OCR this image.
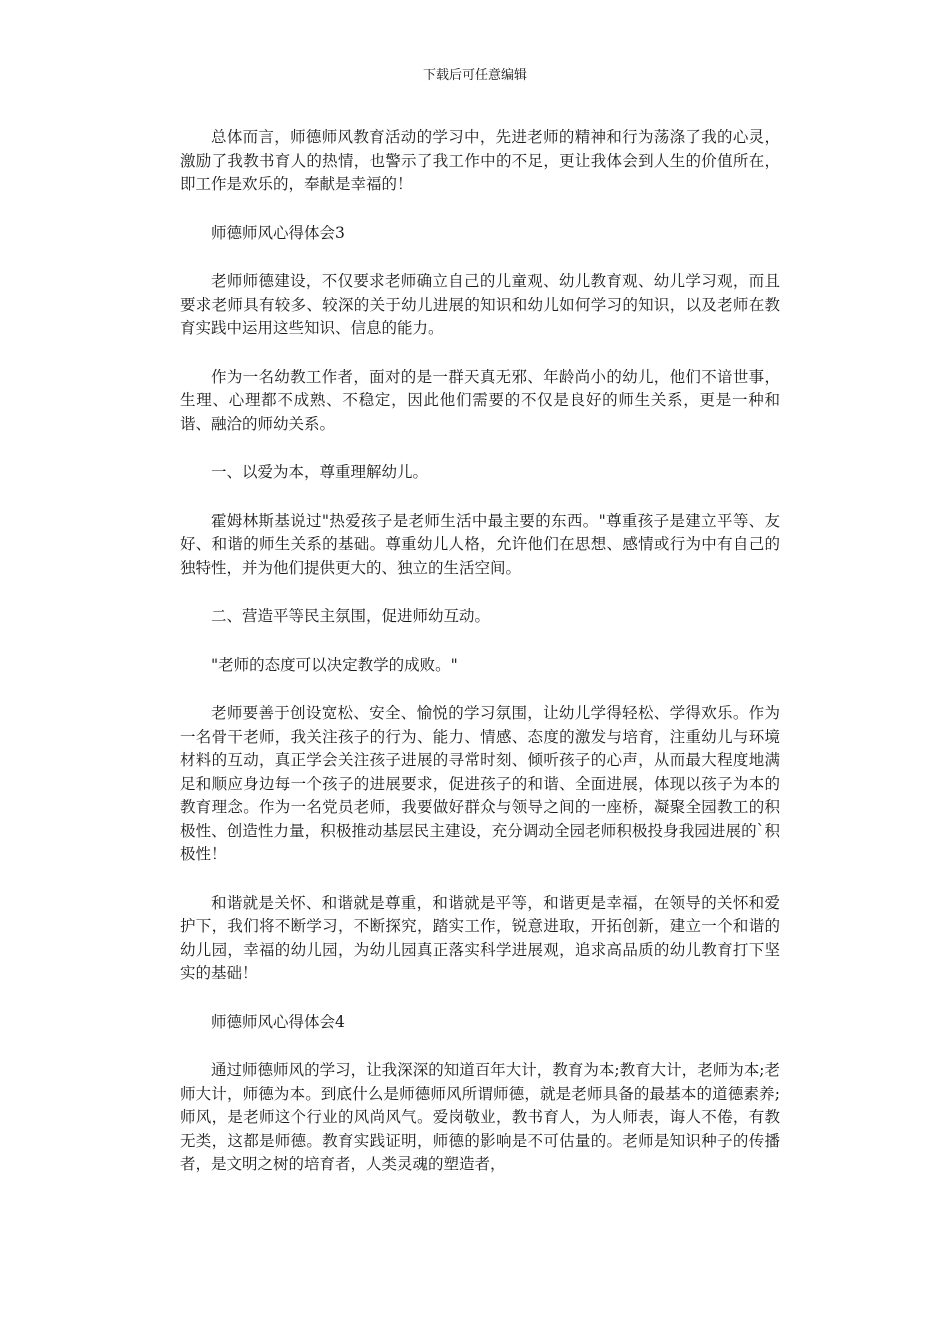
下载后可任意编辑

总体而言，师德师风教育活动的学习中，先进老师的精神和行为荡涤了我的心灵，激励了我教书育人的热情，也警示了我工作中的不足，更让我体会到人生的价值所在，即工作是欢乐的，奉献是幸福的！

师德师风心得体会3

老师师德建设，不仅要求老师确立自己的儿童观、幼儿教育观、幼儿学习观，而且要求老师具有较多、较深的关于幼儿进展的知识和幼儿如何学习的知识，以及老师在教育实践中运用这些知识、信息的能力。

作为一名幼教工作者，面对的是一群天真无邪、年龄尚小的幼儿，他们不谙世事，生理、心理都不成熟、不稳定，因此他们需要的不仅是良好的师生关系，更是一种和谐、融洽的师幼关系。

一、以爱为本，尊重理解幼儿。

霍姆林斯基说过"热爱孩子是老师生活中最主要的东西。"尊重孩子是建立平等、友好、和谐的师生关系的基础。尊重幼儿人格，允许他们在思想、感情或行为中有自己的独特性，并为他们提供更大的、独立的生活空间。

二、营造平等民主氛围，促进师幼互动。

"老师的态度可以决定教学的成败。"

老师要善于创设宽松、安全、愉悦的学习氛围，让幼儿学得轻松、学得欢乐。作为一名骨干老师，我关注孩子的行为、能力、情感、态度的激发与培育，注重幼儿与环境材料的互动，真正学会关注孩子进展的寻常时刻、倾听孩子的心声，从而最大程度地满足和顺应身边每一个孩子的进展要求，促进孩子的和谐、全面进展，体现以孩子为本的教育理念。作为一名党员老师，我要做好群众与领导之间的一座桥，凝聚全园教工的积极性、创造性力量，积极推动基层民主建设，充分调动全园老师积极投身我园进展的`积极性！

和谐就是关怀、和谐就是尊重，和谐就是平等，和谐更是幸福，在领导的关怀和爱护下，我们将不断学习，不断探究，踏实工作，锐意进取，开拓创新，建立一个和谐的幼儿园，幸福的幼儿园，为幼儿园真正落实科学进展观，追求高品质的幼儿教育打下坚实的基础！

师德师风心得体会4

通过师德师风的学习，让我深深的知道百年大计，教育为本;教育大计，老师为本;老师大计，师德为本。到底什么是师德师风所谓师德，就是老师具备的最基本的道德素养;师风，是老师这个行业的风尚风气。爱岗敬业，教书育人，为人师表，诲人不倦，有教无类，这都是师德。教育实践证明，师德的影响是不可估量的。老师是知识种子的传播者，是文明之树的培育者，人类灵魂的塑造者，
